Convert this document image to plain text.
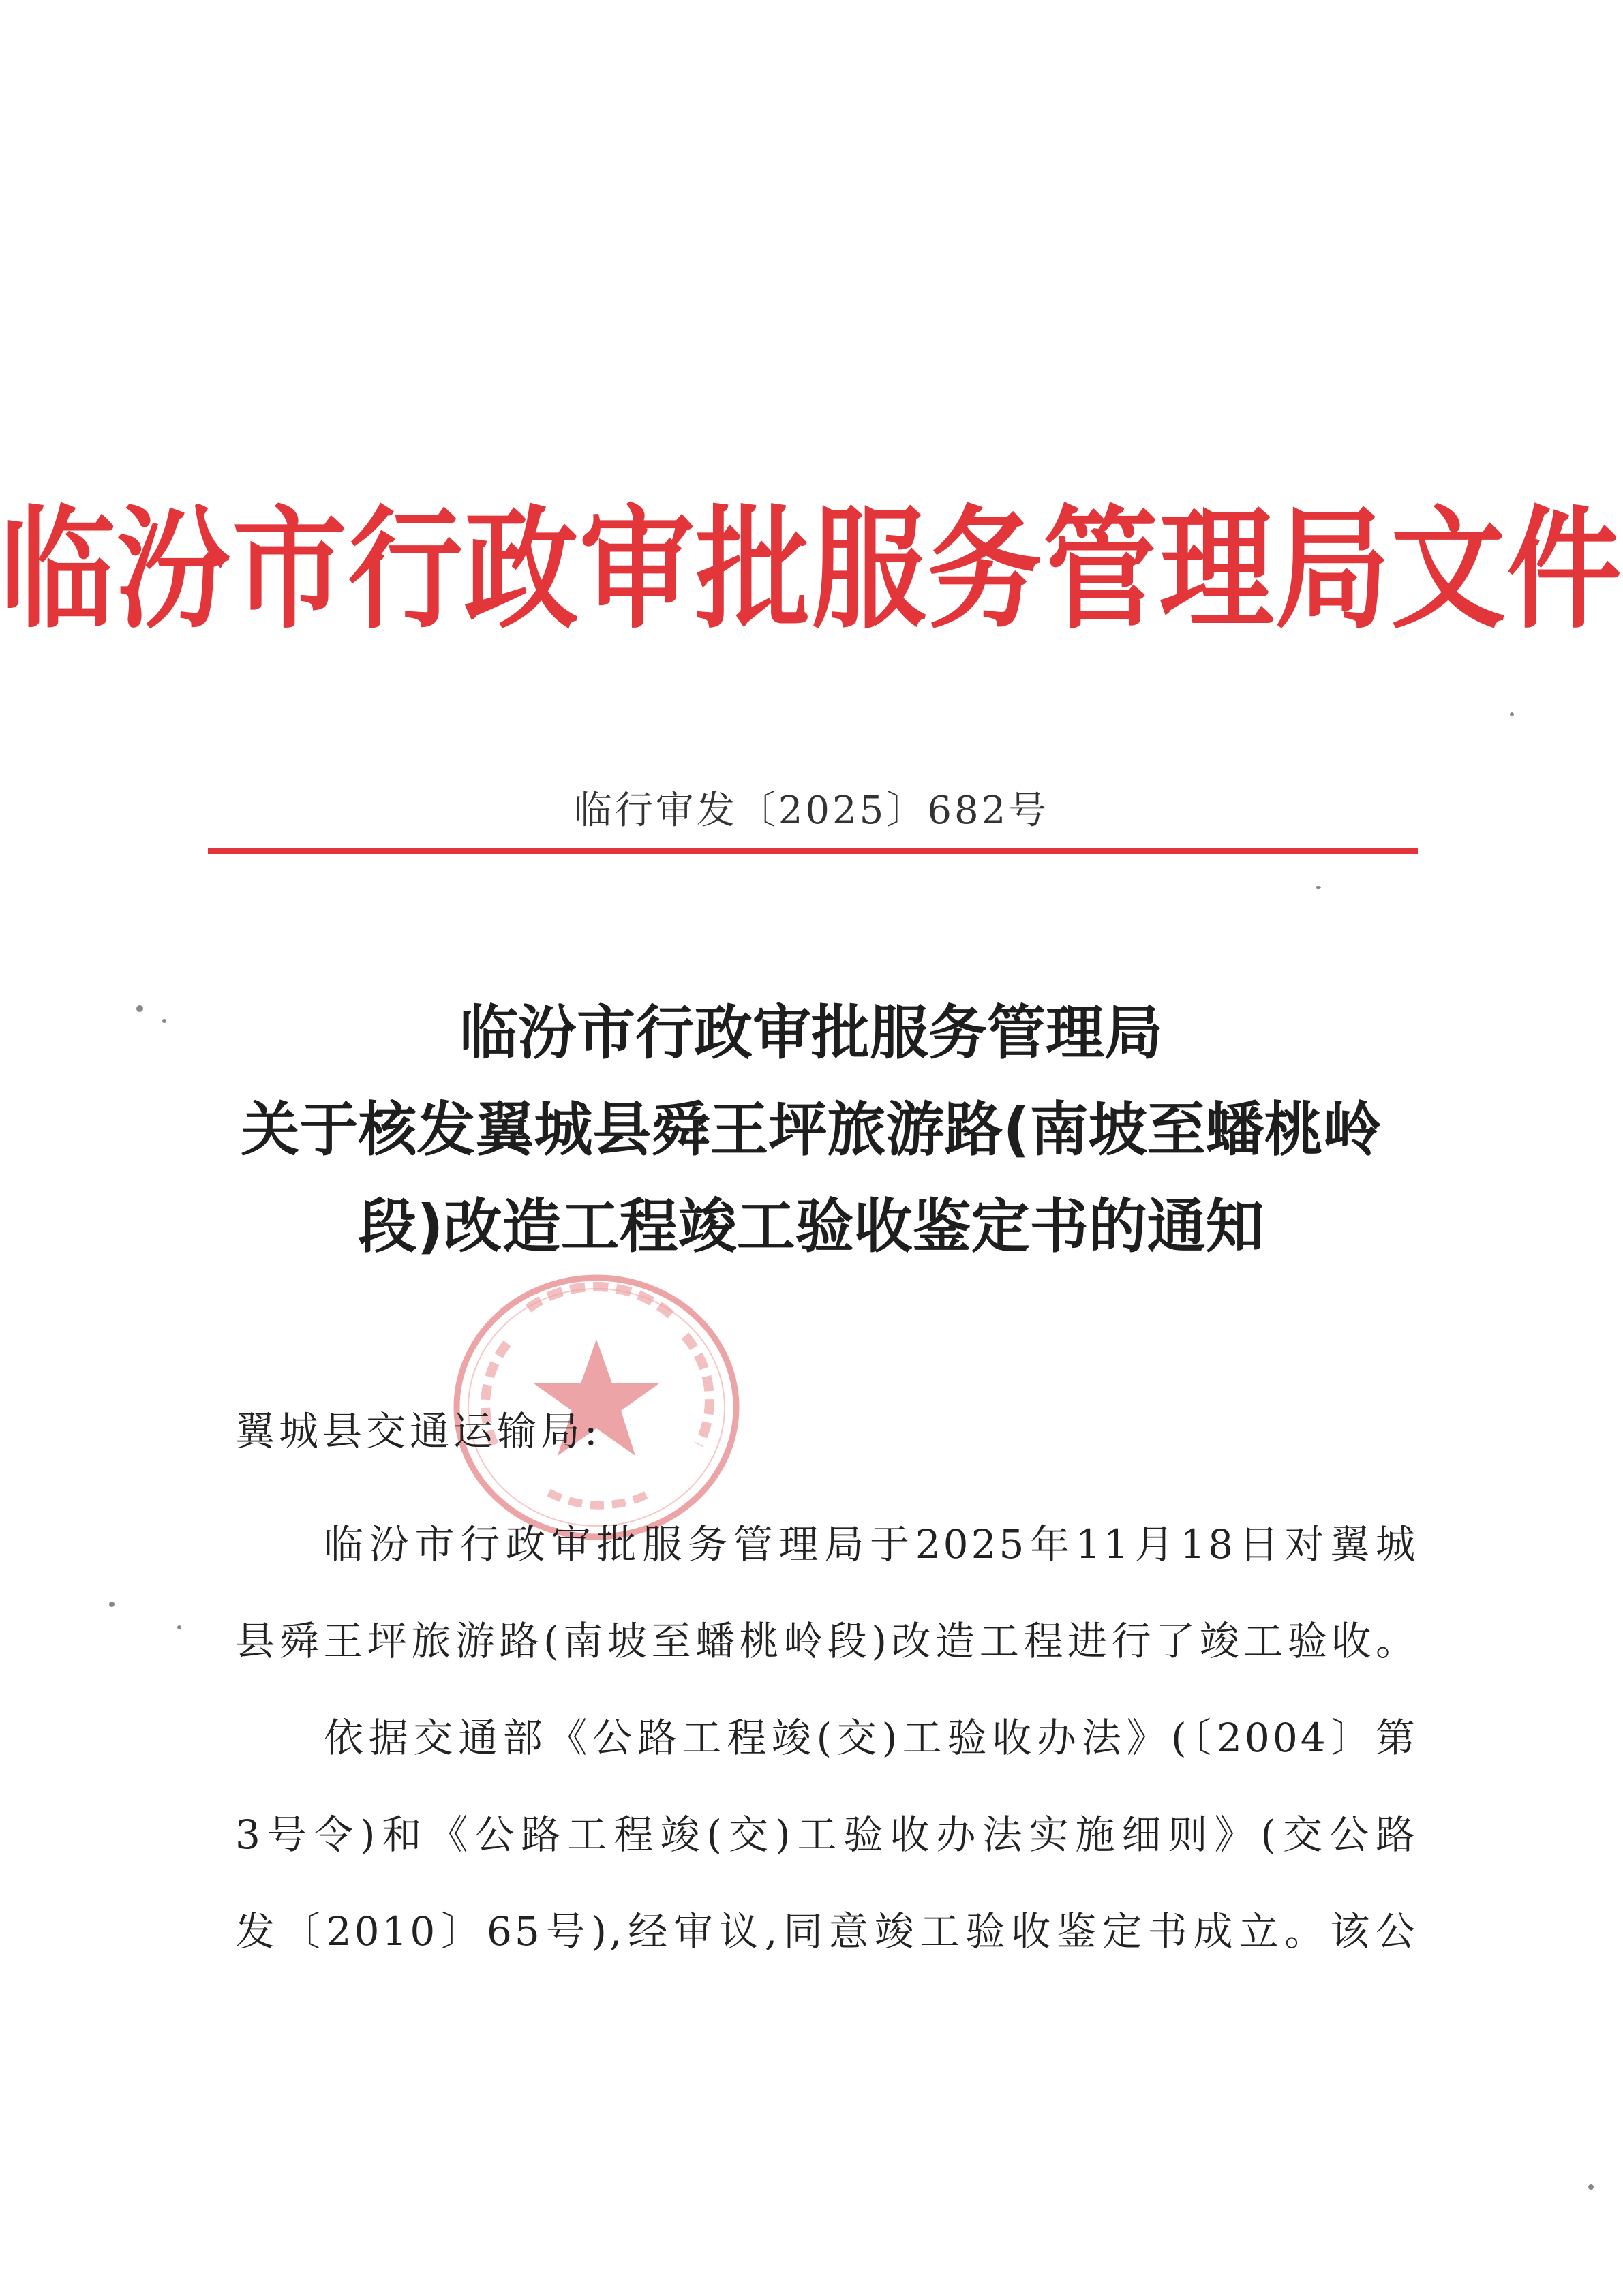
临汾市行政审批服务管理局文件
临行审发〔2025〕682号
临汾市行政审批服务管理局
关于核发翼城县舜王坪旅游路(南坡至蟠桃岭
段)改造工程竣工验收鉴定书的通知
翼城县交通运输局:
临汾市行政审批服务管理局于2025年11月18日对翼城
县舜王坪旅游路(南坡至蟠桃岭段)改造工程进行了竣工验收。
依据交通部《公路工程竣(交)工验收办法》(〔2004〕第
3号令)和《公路工程竣(交)工验收办法实施细则》(交公路
发〔2010〕65号),经审议,同意竣工验收鉴定书成立。该公
